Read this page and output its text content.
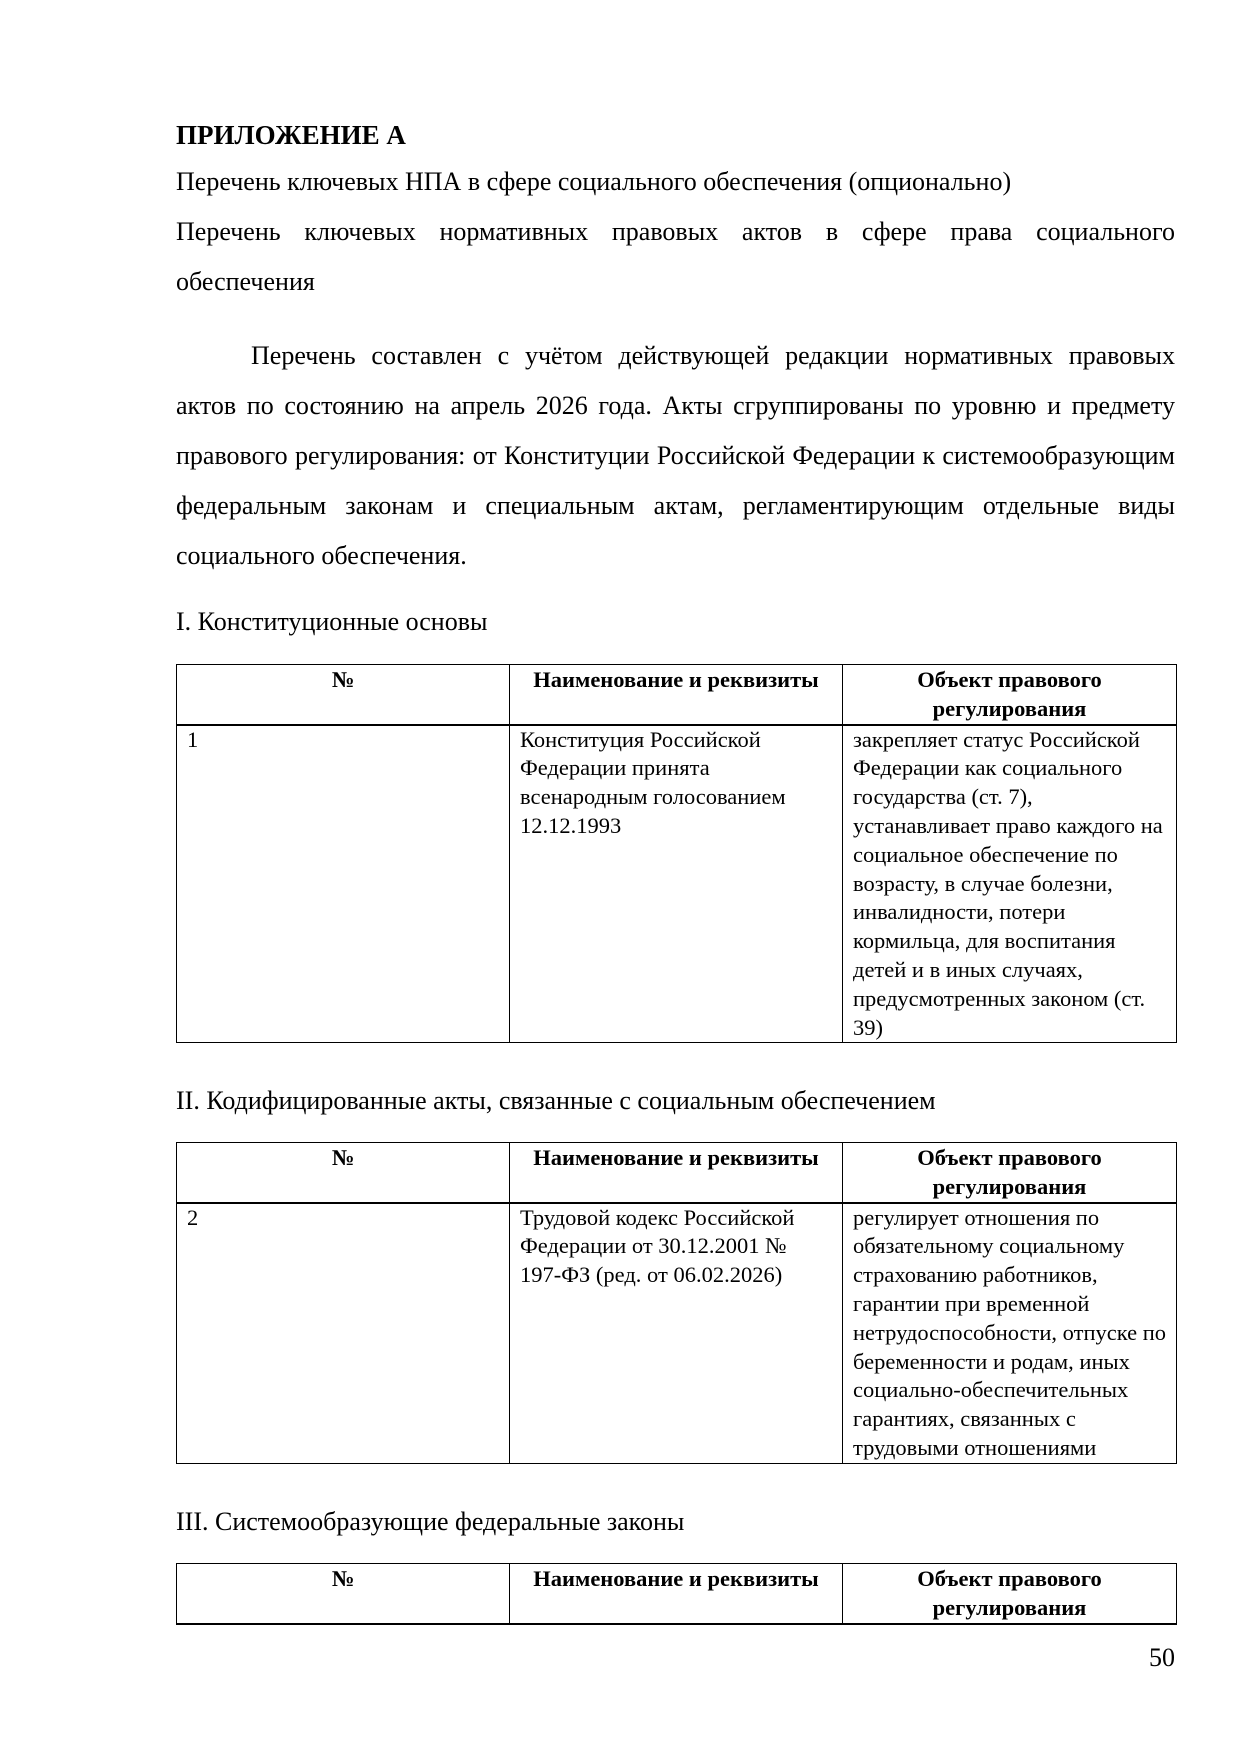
ПРИЛОЖЕНИЕ А

Перечень ключевых НПА в сфере социального обеспечения (опционально)

Перечень ключевых нормативных правовых актов в сфере права социального обеспечения

Перечень составлен с учётом действующей редакции нормативных правовых актов по состоянию на апрель 2026 года. Акты сгруппированы по уровню и предмету правового регулирования: от Конституции Российской Федерации к системообразующим федеральным законам и специальным актам, регламентирующим отдельные виды социального обеспечения.

I. Конституционные основы

№	Наименование и реквизиты	Объект правового регулирования
1	Конституция Российской Федерации принята всенародным голосованием 12.12.1993	закрепляет статус Российской Федерации как социального государства (ст. 7), устанавливает право каждого на социальное обеспечение по возрасту, в случае болезни, инвалидности, потери кормильца, для воспитания детей и в иных случаях, предусмотренных законом (ст. 39)

II. Кодифицированные акты, связанные с социальным обеспечением

№	Наименование и реквизиты	Объект правового регулирования
2	Трудовой кодекс Российской Федерации от 30.12.2001 № 197-ФЗ (ред. от 06.02.2026)	регулирует отношения по обязательному социальному страхованию работников, гарантии при временной нетрудоспособности, отпуске по беременности и родам, иных социально-обеспечительных гарантиях, связанных с трудовыми отношениями

III. Системообразующие федеральные законы

№	Наименование и реквизиты	Объект правового регулирования

50
